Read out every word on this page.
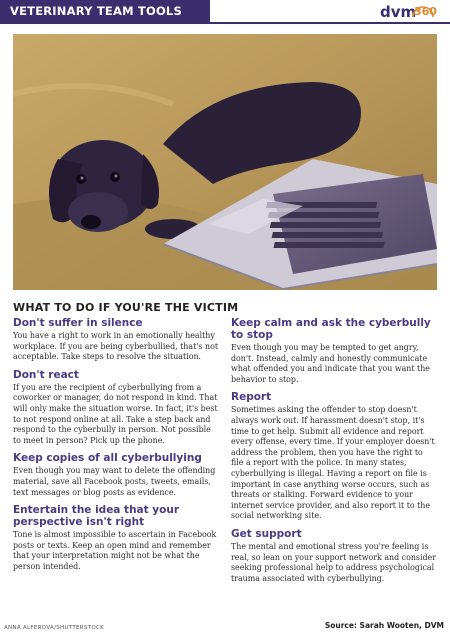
VETERINARY TEAM TOOLS	dvm
360
WHAT TO DO IF YOU'RE THE VICTIM
Don't suffer in silence

You have a right to work in an emotionally healthy workplace. If you are being cyberbullied, that's not acceptable. Take steps to resolve the situation.

Don't react

If you are the recipient of cyberbullying from a coworker or manager, do not respond in kind. That will only make the situation worse. In fact, it's best to not respond online at all. Take a step back and respond to the cyberbully in person. Not possible to meet in person? Pick up the phone.

Keep copies of all cyberbullying

Even though you may want to delete the offending material, save all Facebook posts, tweets, emails, text messages or blog posts as evidence.

Entertain the idea that your perspective isn't right

Tone is almost impossible to ascertain in Facebook posts or texts. Keep an open mind and remember that your interpretation might not be what the person intended.

Keep calm and ask the cyberbully to stop

Even though you may be tempted to get angry, don't. Instead, calmly and honestly communicate what offended you and indicate that you want the behavior to stop.

Report

Sometimes asking the offender to stop doesn't always work out. If harassment doesn't stop, it's time to get help. Submit all evidence and report every offense, every time. If your employer doesn't address the problem, then you have the right to file a report with the police. In many states, cyberbullying is illegal. Having a report on file is important in case anything worse occurs, such as threats or stalking. Forward evidence to your internet service provider, and also report it to the social networking site.

Get support

The mental and emotional stress you're feeling is real, so lean on your support network and consider seeking professional help to address psychological trauma associated with cyberbullying.

ANNA ALFEROVA/SHUTTERSTOCK	Source: Sarah Wooten, DVM
